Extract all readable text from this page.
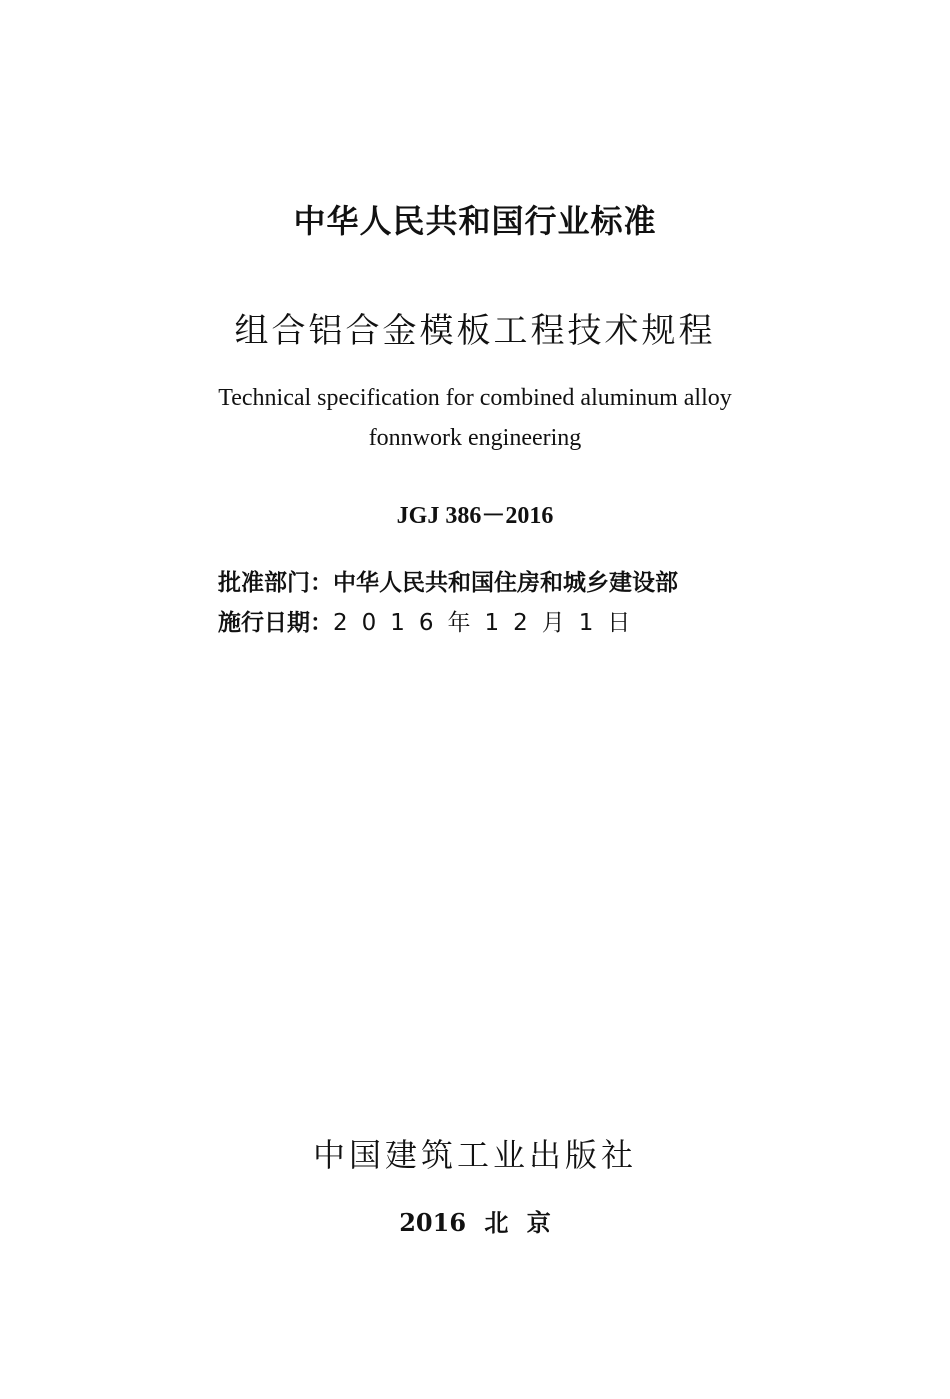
中华人民共和国行业标准
组合铝合金模板工程技术规程
Technical specification for combined aluminum alloy
fonnwork engineering
JGJ 386－2016
批准部门：中华人民共和国住房和城乡建设部
施行日期：2016年12月1日
中国建筑工业出版社
2016 北 京
